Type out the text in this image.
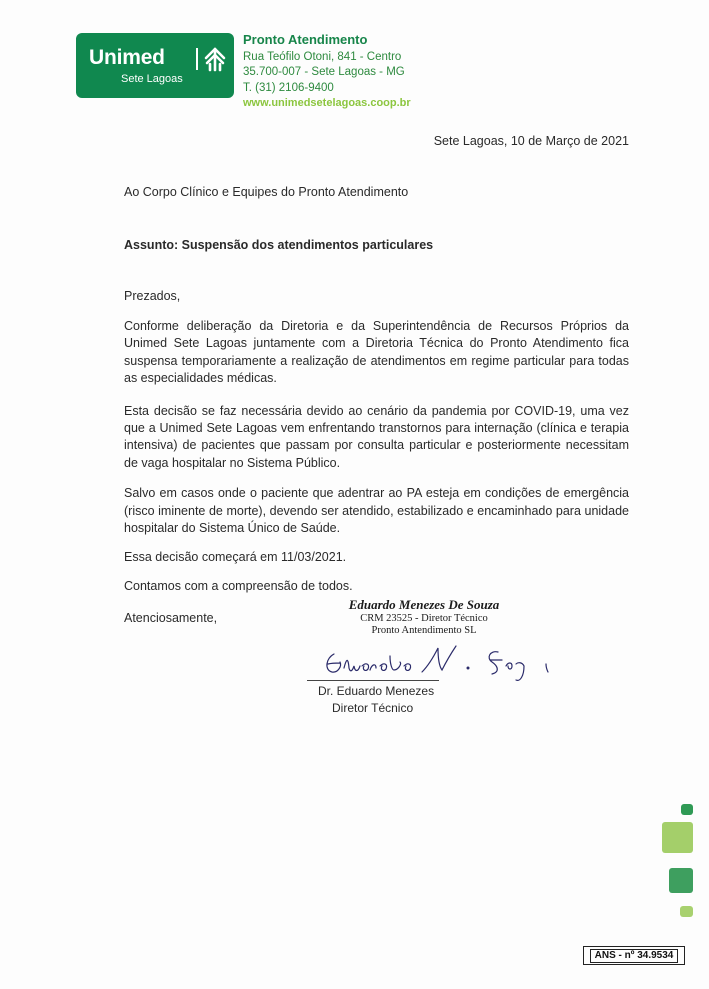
Unimed
Sete Lagoas
Pronto Atendimento
Rua Teófilo Otoni, 841 - Centro
35.700-007 - Sete Lagoas - MG
T. (31) 2106-9400
www.unimedsetelagoas.coop.br
Sete Lagoas, 10 de Março de 2021
Ao Corpo Clínico e Equipes do Pronto Atendimento
Assunto: Suspensão dos atendimentos particulares
Prezados,

Conforme deliberação da Diretoria e da Superintendência de Recursos Próprios da Unimed Sete Lagoas juntamente com a Diretoria Técnica do Pronto Atendimento fica suspensa temporariamente a realização de atendimentos em regime particular para todas as especialidades médicas.

Esta decisão se faz necessária devido ao cenário da pandemia por COVID-19, uma vez que a Unimed Sete Lagoas vem enfrentando transtornos para internação (clínica e terapia intensiva) de pacientes que passam por consulta particular e posteriormente necessitam de vaga hospitalar no Sistema Público.

Salvo em casos onde o paciente que adentrar ao PA esteja em condições de emergência (risco iminente de morte), devendo ser atendido, estabilizado e encaminhado para unidade hospitalar do Sistema Único de Saúde.

Essa decisão começará em 11/03/2021.

Contamos com a compreensão de todos.

Atenciosamente,
Eduardo Menezes De Souza
CRM 23525 - Diretor Técnico
Pronto Antendimento SL
Dr. Eduardo Menezes
Diretor Técnico
ANS - nº 34.9534
